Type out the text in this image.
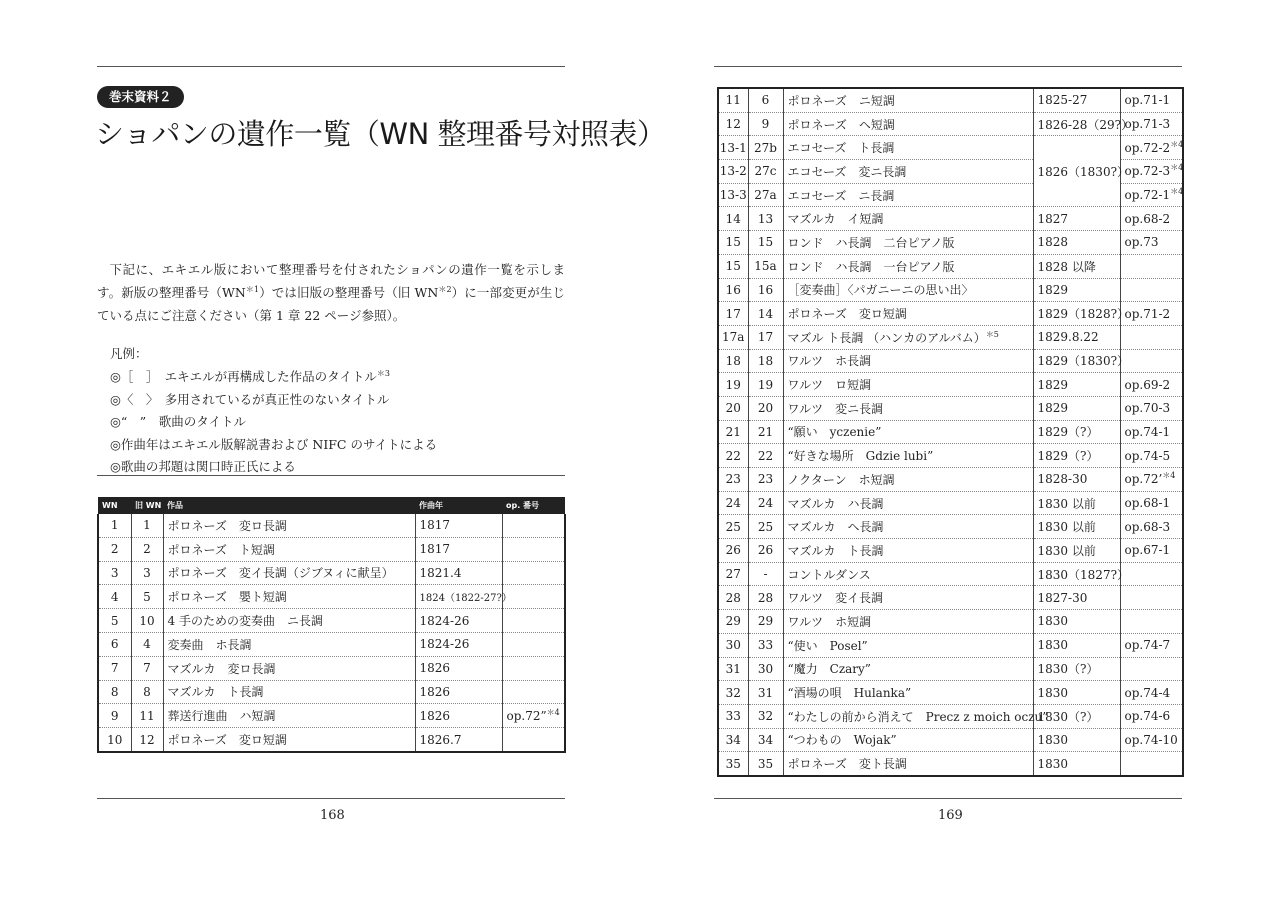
巻末資料２
ショパンの遺作一覧（WN 整理番号対照表）

下記に、エキエル版において整理番号を付されたショパンの遺作一覧を示します。新版の整理番号$(WN^{*1})$では旧版の整理番号（旧 $WN^{*2}$）に一部変更が生じている点にご注意ください（第 1 章 22 ページ参照）。

凡例：
◎［　］　エキエルが再構成した作品のタイトル$^{*3}$
◎〈　〉　多用されているが真正性のないタイトル
◎“　”　歌曲のタイトル
◎作曲年はエキエル版解説書および NIFC のサイトによる
◎歌曲の邦題は関口時正氏による
WN	旧 WN	作品	作曲年	op. 番号
1	1	ポロネーズ　変ロ長調	1817	
2	2	ポロネーズ　ト短調	1817	
3	3	ポロネーズ　変イ長調（ジブヌィに献呈）	1821.4	
4	5	ポロネーズ　嬰ト短調	1824（1822-27?）	
5	10	4 手のための変奏曲　ニ長調	1824-26	
6	4	変奏曲　ホ長調	1824-26	
7	7	マズルカ　変ロ長調	1826	
8	8	マズルカ　ト長調	1826	
9	11	葬送行進曲　ハ短調	1826	op.72”$^{*4}$
10	12	ポロネーズ　変ロ短調	1826.7	
168
11	6	ポロネーズ　ニ短調	1825-27	op.71-1
12	9	ポロネーズ　ヘ短調	1826-28（29?）	op.71-3
13-1	27b	エコセーズ　ト長調	1826（1830?）	$op.72-2^{*4}$
13-2	27c	エコセーズ　変ニ長調		$op.72-3^{*4}$
13-3	27a	エコセーズ　ニ長調		$op.72-1^{*4}$
14	13	マズルカ　イ短調	1827	op.68-2
15	15	ロンド　ハ長調　二台ピアノ版	1828	op.73
15	15a	ロンド　ハ長調　一台ピアノ版	1828 以降	
16	16	［変奏曲］〈パガニーニの思い出〉	1829	
17	14	ポロネーズ　変ロ短調	1829（1828?）	op.71-2
17a	17	マズル ト長調 （ハンカのアルバム）$^{*5}$	1829.8.22	
18	18	ワルツ　ホ長調	1829（1830?）	
19	19	ワルツ　ロ短調	1829	op.69-2
20	20	ワルツ　変ニ長調	1829	op.70-3
21	21	“願い　yczenie”	1829（?）	op.74-1
22	22	“好きな場所　Gdzie lubi”	1829（?）	op.74-5
23	23	ノクターン　ホ短調	1828-30	op.72’$^{*4}$
24	24	マズルカ　ハ長調	1830 以前	op.68-1
25	25	マズルカ　ヘ長調	1830 以前	op.68-3
26	26	マズルカ　ト長調	1830 以前	op.67-1
27	-	コントルダンス	1830（1827?）	
28	28	ワルツ　変イ長調	1827-30	
29	29	ワルツ　ホ短調	1830	
30	33	“使い　Posel”	1830	op.74-7
31	30	“魔力　Czary”	1830（?）	
32	31	“酒場の唄　Hulanka”	1830	op.74-4
33	32	“わたしの前から消えて　Precz z moich oczu”	1830（?）	op.74-6
34	34	“つわもの　Wojak”	1830	op.74-10
35	35	ポロネーズ　変ト長調	1830	
169
